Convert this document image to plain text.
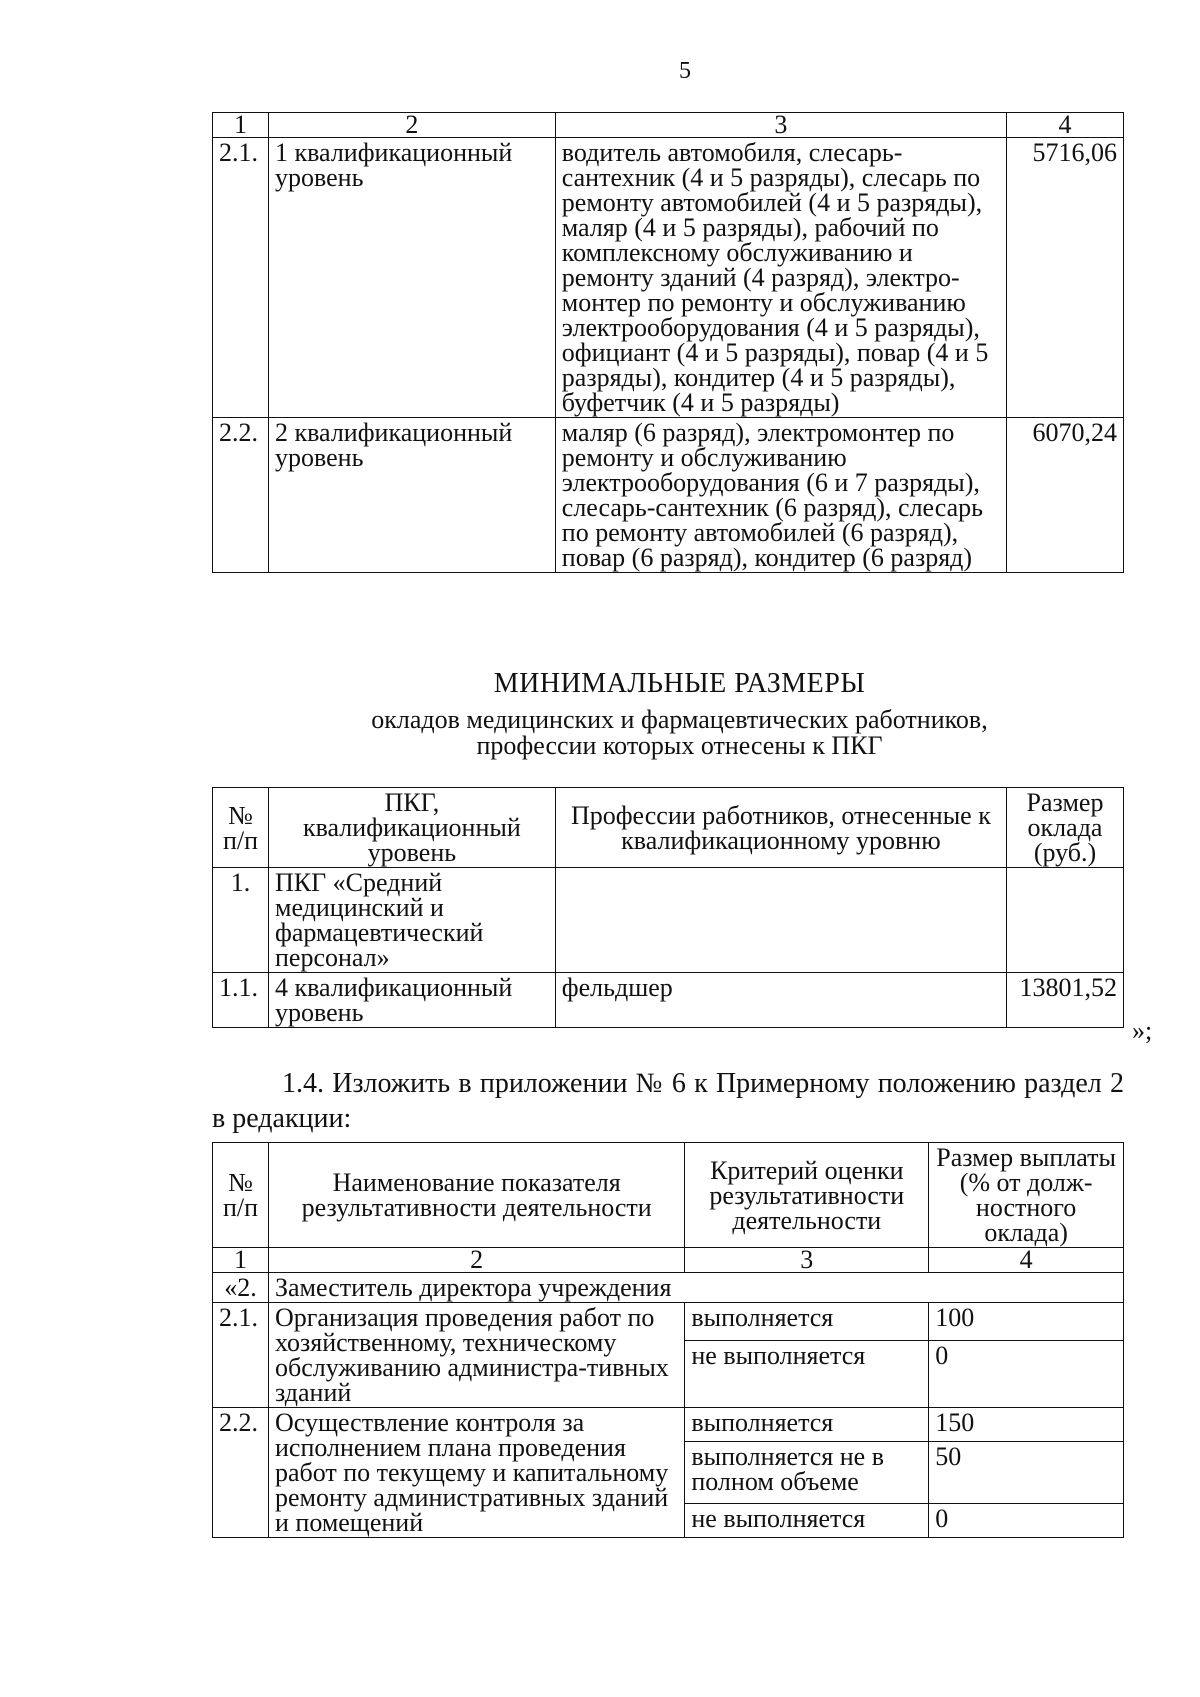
5
1	2	3	4
2.1.	1 квалификационный уровень	водитель автомобиля, слесарь-сантехник (4 и 5 разряды), слесарь по ремонту автомобилей (4 и 5 разряды), маляр (4 и 5 разряды), рабочий по комплексному обслуживанию и ремонту зданий (4 разряд), электро-монтер по ремонту и обслуживанию электрооборудования (4 и 5 разряды), официант (4 и 5 разряды), повар (4 и 5 разряды), кондитер (4 и 5 разряды), буфетчик (4 и 5 разряды)	5716,06
2.2.	2 квалификационный уровень	маляр (6 разряд), электромонтер по ремонту и обслуживанию электрооборудования (6 и 7 разряды), слесарь-сантехник (6 разряд), слесарь по ремонту автомобилей (6 разряд), повар (6 разряд), кондитер (6 разряд)	6070,24
МИНИМАЛЬНЫЕ РАЗМЕРЫ
окладов медицинских и фармацевтических работников,
профессии которых отнесены к ПКГ
№ п/п	ПКГ, квалификационный уровень	Профессии работников, отнесенные к квалификационному уровню	Размер оклада (руб.)
1.	ПКГ «Средний медицинский и фармацевтический персонал»		
1.1.	4 квалификационный уровень	фельдшер	13801,52
»;
1.4. Изложить в приложении № 6 к Примерному положению раздел 2 в редакции:
№ п/п	Наименование показателя результативности деятельности	Критерий оценки результативности деятельности	Размер выплаты (% от долж-ностного оклада)
1	2	3	4
«2.	Заместитель директора учреждения		
2.1.	Организация проведения работ по хозяйственному, техническому обслуживанию администра-тивных зданий	выполняется	100
		не выполняется	0
2.2.	Осуществление контроля за исполнением плана проведения работ по текущему и капитальному ремонту административных зданий и помещений	выполняется	150
		выполняется не в полном объеме	50
		не выполняется	0
